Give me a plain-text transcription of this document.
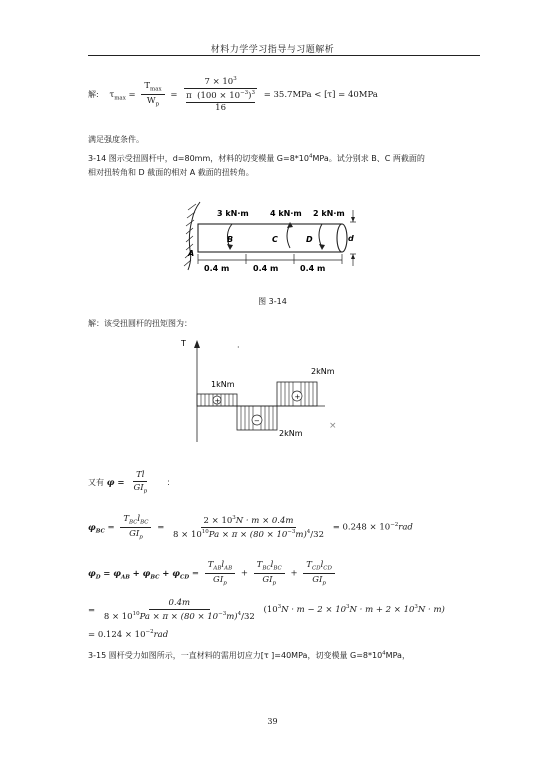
材料力学学习指导与习题解析
解: $\tau_{max} = \frac{T_{max}}{W_p} = 7 \times 10^3$
π $(100 \times 10^{-3})^3$
16 = 35.7MPa < [τ] = 40MPa
满足强度条件。
3-14 图示受扭圆杆中，d=80mm，材料的切变模量 $G=8*10^4MPa$。试分别求 B、C 两截面的
相对扭转角和 D 截面的相对 A 截面的扭转角。
3 kN·m	4 kN·m 2 kN·m
A
B	C	D	d
0.4 m	0.4 m	0.4 m
图 3-14
解：该受扭圆杆的扭矩图为：
T	·
×
+
1kNm
−
2kNm
+
2kNm
又有 $\varphi = \frac{Tl}{GI_p}$ ：
$\varphi_{BC} = \frac{T_{BC}l_{BC}}{GI_p} = \frac{2 \times 10^3N \cdot m \times 0.4m}{8 \times 10^{10}Pa \times \pi \times (80 \times 10^{-3}m)^4/32} = 0.248 \times 10^{-2}rad$
$\varphi_D = \varphi_{AB} + \varphi_{BC} + \varphi_{CD} = \frac{T_{AB}l_{AB}}{GI_p} + \frac{T_{BC}l_{BC}}{GI_p} + \frac{T_{CD}l_{CD}}{GI_p}$
= $\frac{0.4m}{8 \times 10^{10}Pa \times \pi \times (80 \times 10^{-3}m)^4/32} (10^3N \cdot m - 2 \times 10^3N \cdot m + 2 \times 10^3N \cdot m)$
= $0.124 \times 10^{-2}rad$
3-15 圆杆受力如图所示，一直材料的需用切应力[τ ]=40MPa，切变模量 $G=8*10^4MPa$，
39
